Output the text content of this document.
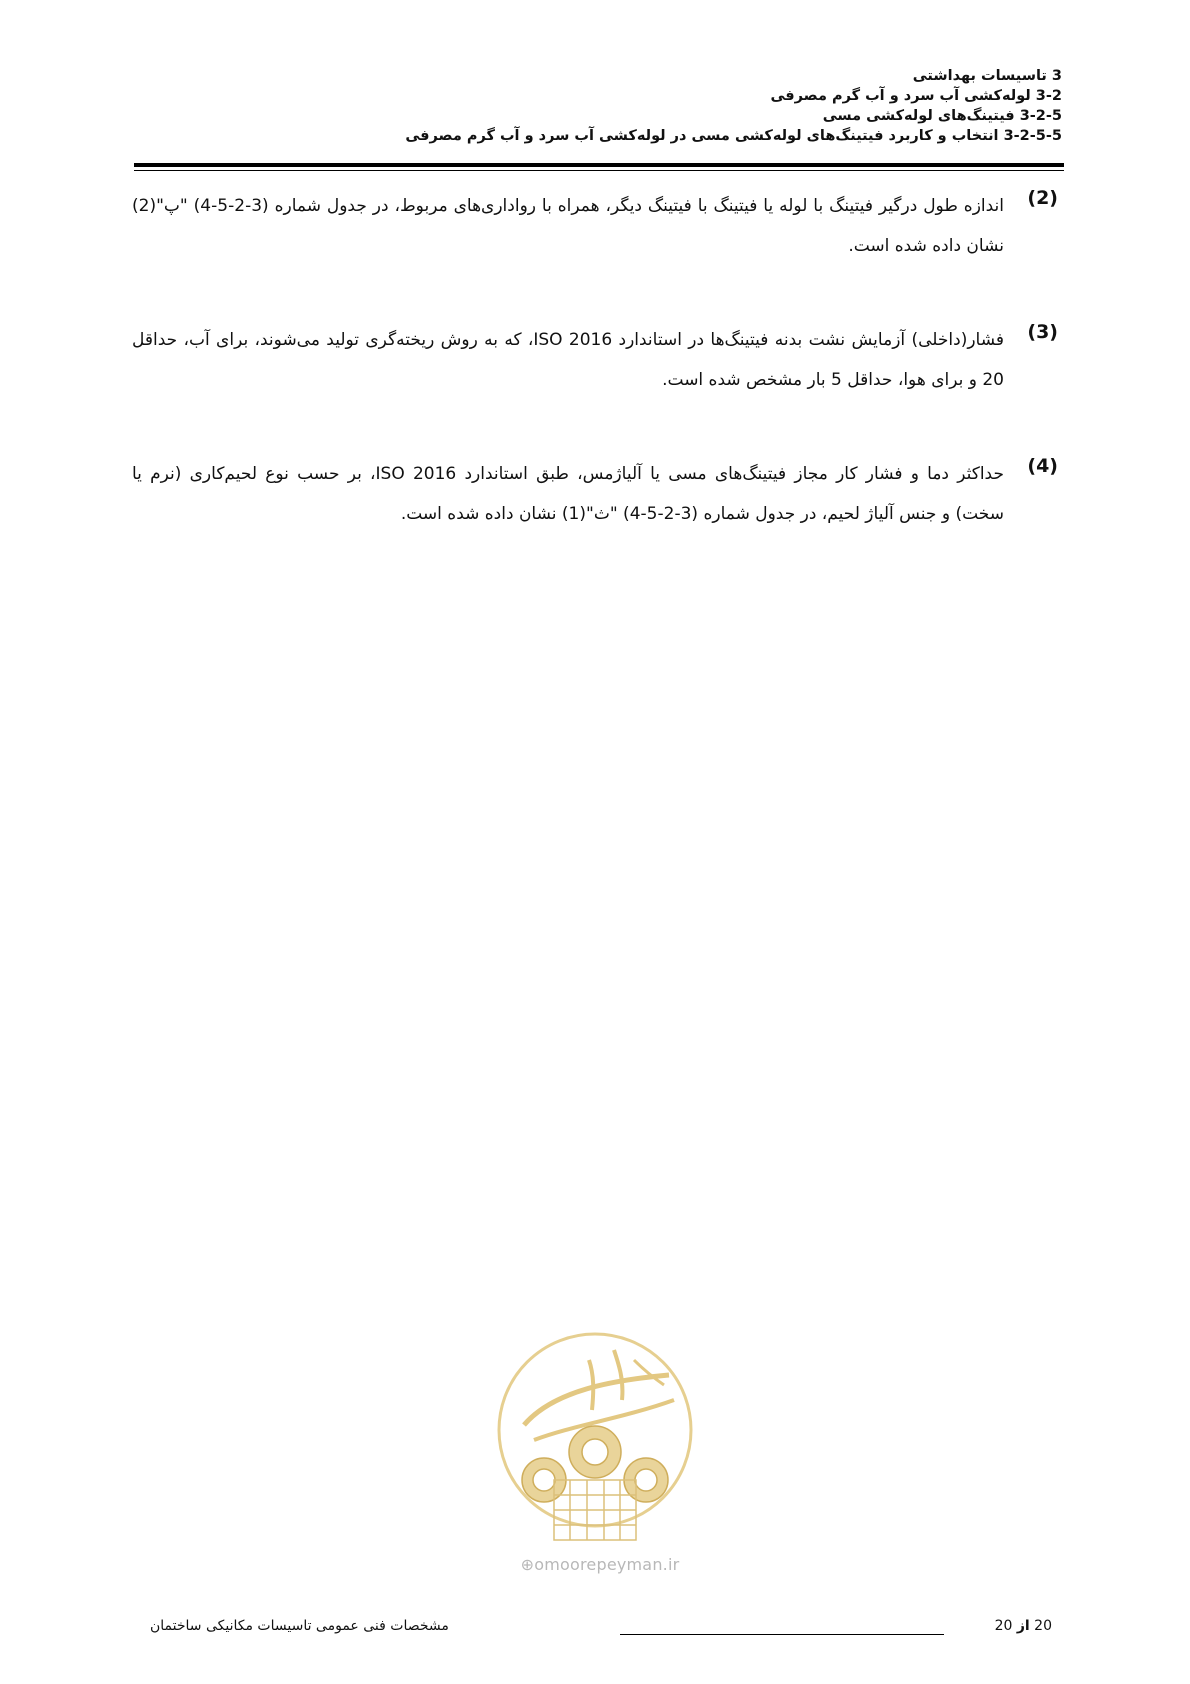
3 تاسیسات بهداشتی
3-2 لوله‌کشی آب سرد و آب گرم مصرفی
3-2-5 فیتینگ‌های لوله‌کشی مسی
3-2-5-5 انتخاب و کاربرد فیتینگ‌های لوله‌کشی مسی در لوله‌کشی آب سرد و آب گرم مصرفی
(2)

اندازه طول درگیر فیتینگ با لوله یا فیتینگ با فیتینگ دیگر، همراه با رواداری‌های مربوط، در جدول شماره (3-2-5-4) "پ"(2) نشان داده شده است.

(3)

فشار(داخلی) آزمایش نشت بدنه فیتینگ‌ها در استاندارد ISO 2016، که به روش ریخته‌گری تولید می‌شوند، برای آب، حداقل 20 و برای هوا، حداقل 5 بار مشخص شده است.

(4)

حداکثر دما و فشار کار مجاز فیتینگ‌های مسی یا آلیاژمس، طبق استاندارد ISO 2016، بر حسب نوع لحیم‌کاری (نرم یا سخت) و جنس آلیاژ لحیم، در جدول شماره (3-2-5-4) "ث"(1) نشان داده شده است.

⊕omoorepeyman.ir
20 از 20
مشخصات فنی عمومی تاسیسات مکانیکی ساختمان
